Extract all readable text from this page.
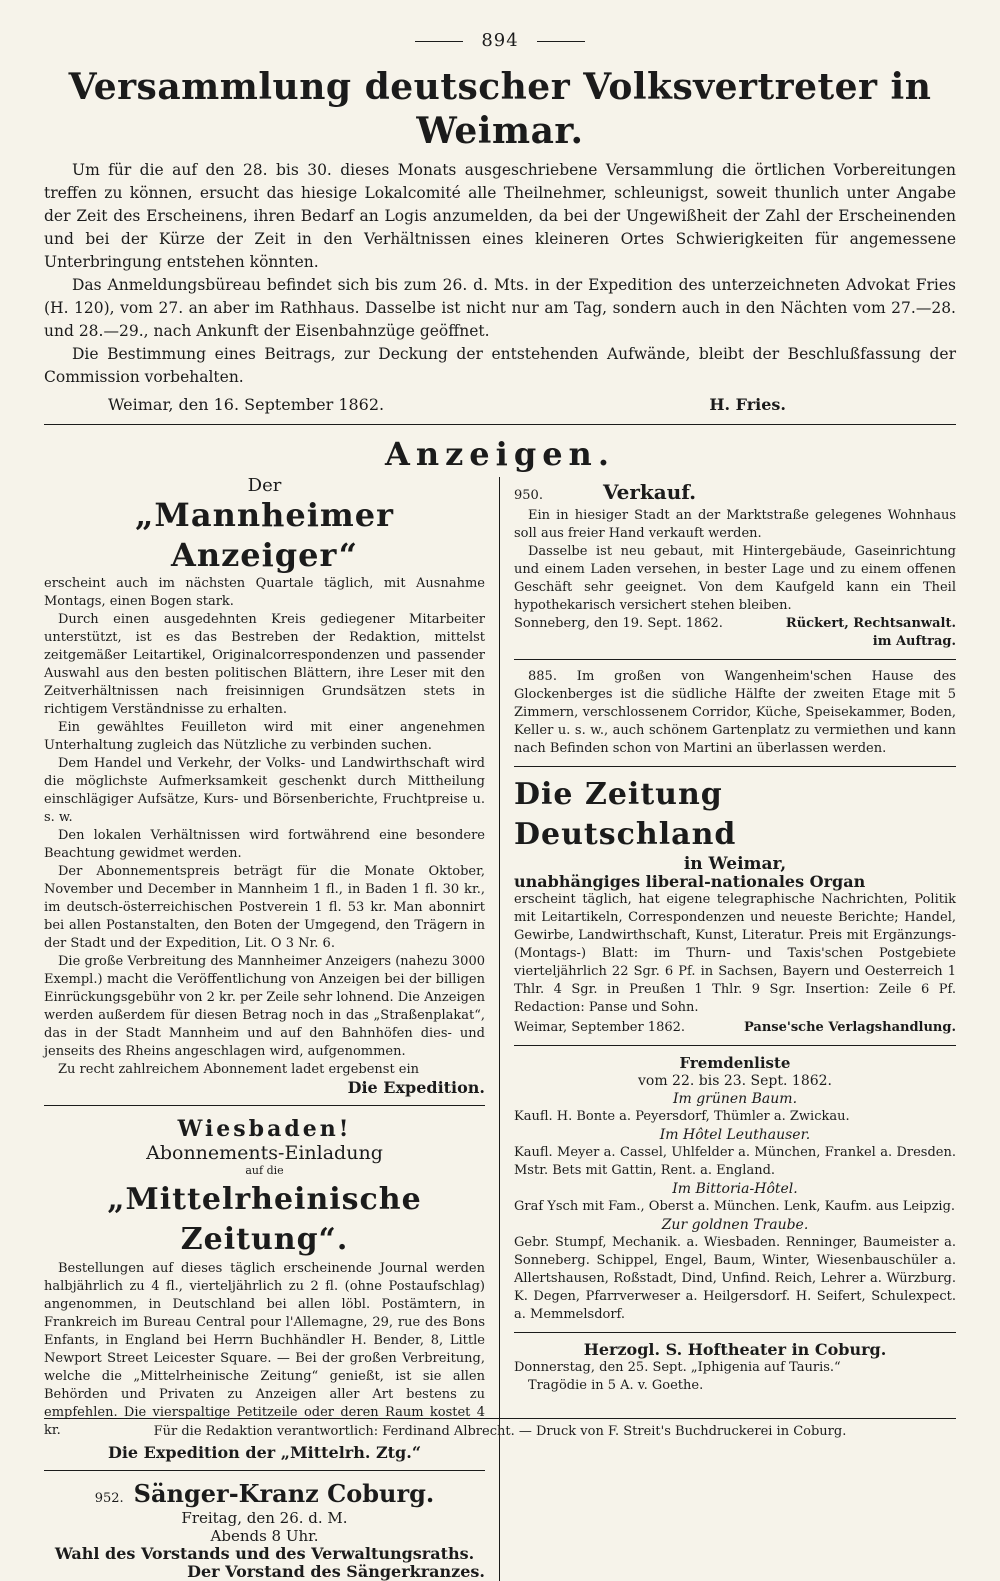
894
Versammlung deutscher Volksvertreter in Weimar.

Um für die auf den 28. bis 30. dieses Monats ausgeschriebene Versammlung die örtlichen Vorbereitungen treffen zu können, ersucht das hiesige Lokalcomité alle Theilnehmer, schleunigst, soweit thunlich unter Angabe der Zeit des Erscheinens, ihren Bedarf an Logis anzumelden, da bei der Ungewißheit der Zahl der Erscheinenden und bei der Kürze der Zeit in den Verhältnissen eines kleineren Ortes Schwierigkeiten für angemessene Unterbringung entstehen könnten.

Das Anmeldungsbüreau befindet sich bis zum 26. d. Mts. in der Expedition des unterzeichneten Advokat Fries (H. 120), vom 27. an aber im Rathhaus. Dasselbe ist nicht nur am Tag, sondern auch in den Nächten vom 27.—28. und 28.—29., nach Ankunft der Eisenbahnzüge geöffnet.

Die Bestimmung eines Beitrags, zur Deckung der entstehenden Aufwände, bleibt der Beschlußfassung der Commission vorbehalten.

Weimar, den 16. September 1862.	H. Fries.
Anzeigen.
Der
„Mannheimer Anzeiger“

erscheint auch im nächsten Quartale täglich, mit Ausnahme Montags, einen Bogen stark.

Durch einen ausgedehnten Kreis gediegener Mitarbeiter unterstützt, ist es das Bestreben der Redaktion, mittelst zeitgemäßer Leitartikel, Originalcorrespondenzen und passender Auswahl aus den besten politischen Blättern, ihre Leser mit den Zeitverhältnissen nach freisinnigen Grundsätzen stets in richtigem Verständnisse zu erhalten.

Ein gewähltes Feuilleton wird mit einer angenehmen Unterhaltung zugleich das Nützliche zu verbinden suchen.

Dem Handel und Verkehr, der Volks- und Landwirthschaft wird die möglichste Aufmerksamkeit geschenkt durch Mittheilung einschlägiger Aufsätze, Kurs- und Börsenberichte, Fruchtpreise u. s. w.

Den lokalen Verhältnissen wird fortwährend eine besondere Beachtung gewidmet werden.

Der Abonnementspreis beträgt für die Monate Oktober, November und December in Mannheim 1 fl., in Baden 1 fl. 30 kr., im deutsch-österreichischen Postverein 1 fl. 53 kr. Man abonnirt bei allen Postanstalten, den Boten der Umgegend, den Trägern in der Stadt und der Expedition, Lit. O 3 Nr. 6.

Die große Verbreitung des Mannheimer Anzeigers (nahezu 3000 Exempl.) macht die Veröffentlichung von Anzeigen bei der billigen Einrückungsgebühr von 2 kr. per Zeile sehr lohnend. Die Anzeigen werden außerdem für diesen Betrag noch in das „Straßenplakat“, das in der Stadt Mannheim und auf den Bahnhöfen dies- und jenseits des Rheins angeschlagen wird, aufgenommen.

Zu recht zahlreichem Abonnement ladet ergebenst ein

Die Expedition.

Wiesbaden!
Abonnements-Einladung
auf die
„Mittelrheinische Zeitung“.

Bestellungen auf dieses täglich erscheinende Journal werden halbjährlich zu 4 fl., vierteljährlich zu 2 fl. (ohne Postaufschlag) angenommen, in Deutschland bei allen löbl. Postämtern, in Frankreich im Bureau Central pour l'Allemagne, 29, rue des Bons Enfants, in England bei Herrn Buchhändler H. Bender, 8, Little Newport Street Leicester Square. — Bei der großen Verbreitung, welche die „Mittelrheinische Zeitung“ genießt, ist sie allen Behörden und Privaten zu Anzeigen aller Art bestens zu empfehlen. Die vierspaltige Petitzeile oder deren Raum kostet 4 kr.

Die Expedition der „Mittelrh. Ztg.“

952. Sänger-Kranz Coburg.
Freitag, den 26. d. M.
Abends 8 Uhr.
Wahl des Vorstands und des Verwaltungsraths.
Der Vorstand des Sängerkranzes.
950.	Verkauf.

Ein in hiesiger Stadt an der Marktstraße gelegenes Wohnhaus soll aus freier Hand verkauft werden.

Dasselbe ist neu gebaut, mit Hintergebäude, Gaseinrichtung und einem Laden versehen, in bester Lage und zu einem offenen Geschäft sehr geeignet. Von dem Kaufgeld kann ein Theil hypothekarisch versichert stehen bleiben.

Sonneberg, den 19. Sept. 1862.	Rückert, Rechtsanwalt.
im Auftrag.

885. Im großen von Wangenheim'schen Hause des Glockenberges ist die südliche Hälfte der zweiten Etage mit 5 Zimmern, verschlossenem Corridor, Küche, Speisekammer, Boden, Keller u. s. w., auch schönem Gartenplatz zu vermiethen und kann nach Befinden schon von Martini an überlassen werden.

Die Zeitung Deutschland
in Weimar,
unabhängiges liberal-nationales Organ

erscheint täglich, hat eigene telegraphische Nachrichten, Politik mit Leitartikeln, Correspondenzen und neueste Berichte; Handel, Gewirbe, Landwirthschaft, Kunst, Literatur. Preis mit Ergänzungs- (Montags-) Blatt: im Thurn- und Taxis'schen Postgebiete vierteljährlich 22 Sgr. 6 Pf. in Sachsen, Bayern und Oesterreich 1 Thlr. 4 Sgr. in Preußen 1 Thlr. 9 Sgr. Insertion: Zeile 6 Pf. Redaction: Panse und Sohn.

Weimar, September 1862.	Panse'sche Verlagshandlung.
Fremdenliste
vom 22. bis 23. Sept. 1862.
Im grünen Baum.

Kaufl. H. Bonte a. Peyersdorf, Thümler a. Zwickau.

Im Hôtel Leuthauser.

Kaufl. Meyer a. Cassel, Uhlfelder a. München, Frankel a. Dresden. Mstr. Bets mit Gattin, Rent. a. England.

Im Bittoria-Hôtel.

Graf Ysch mit Fam., Oberst a. München. Lenk, Kaufm. aus Leipzig.

Zur goldnen Traube.

Gebr. Stumpf, Mechanik. a. Wiesbaden. Renninger, Baumeister a. Sonneberg. Schippel, Engel, Baum, Winter, Wiesenbauschüler a. Allertshausen, Roßstadt, Dind, Unfind. Reich, Lehrer a. Würzburg. K. Degen, Pfarrverweser a. Heilgersdorf. H. Seifert, Schulexpect. a. Memmelsdorf.

Herzogl. S. Hoftheater in Coburg.

Donnerstag, den 25. Sept. „Iphigenia auf Tauris.“

Tragödie in 5 A. v. Goethe.

Für die Redaktion verantwortlich: Ferdinand Albrecht. — Druck von F. Streit's Buchdruckerei in Coburg.
